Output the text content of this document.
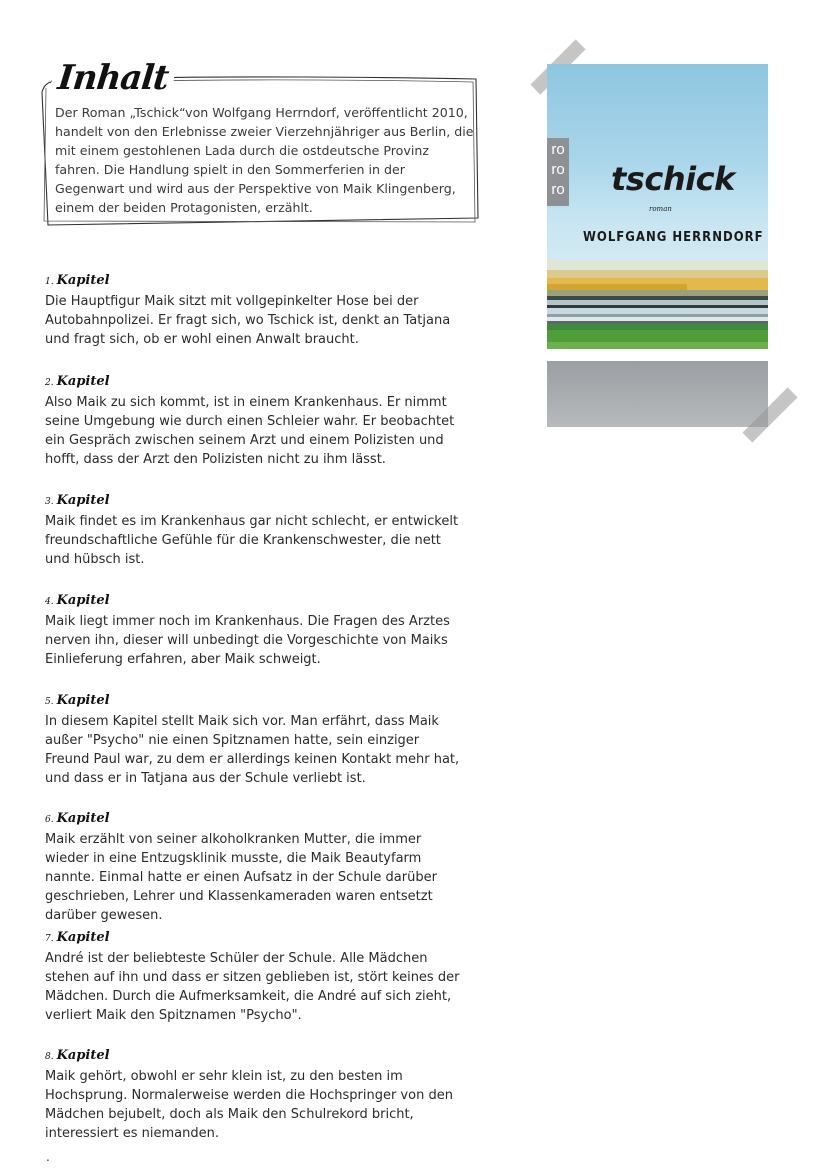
Inhalt
Der Roman „Tschick“von Wolfgang Herrndorf, veröffentlicht 2010, handelt von den Erlebnisse zweier Vierzehnjähriger aus Berlin, die mit einem gestohlenen Lada durch die ostdeutsche Provinz fahren. Die Handlung spielt in den Sommerferien in der Gegenwart und wird aus der Perspektive von Maik Klingenberg, einem der beiden Protagonisten, erzählt.
ro
ro
ro tschick
roman
WOLFGANG HERRNDORF
1. Kapitel
Die Hauptfigur Maik sitzt mit vollgepinkelter Hose bei der Autobahnpolizei. Er fragt sich, wo Tschick ist, denkt an Tatjana und fragt sich, ob er wohl einen Anwalt braucht.
2. Kapitel
Also Maik zu sich kommt, ist in einem Krankenhaus. Er nimmt seine Umgebung wie durch einen Schleier wahr. Er beobachtet ein Gespräch zwischen seinem Arzt und einem Polizisten und hofft, dass der Arzt den Polizisten nicht zu ihm lässt.
3. Kapitel
Maik findet es im Krankenhaus gar nicht schlecht, er entwickelt freundschaftliche Gefühle für die Krankenschwester, die nett und hübsch ist.
4. Kapitel
Maik liegt immer noch im Krankenhaus. Die Fragen des Arztes nerven ihn, dieser will unbedingt die Vorgeschichte von Maiks Einlieferung erfahren, aber Maik schweigt.
5. Kapitel
In diesem Kapitel stellt Maik sich vor. Man erfährt, dass Maik außer "Psycho" nie einen Spitznamen hatte, sein einziger Freund Paul war, zu dem er allerdings keinen Kontakt mehr hat, und dass er in Tatjana aus der Schule verliebt ist.
6. Kapitel
Maik erzählt von seiner alkoholkranken Mutter, die immer wieder in eine Entzugsklinik musste, die Maik Beautyfarm nannte. Einmal hatte er einen Aufsatz in der Schule darüber geschrieben, Lehrer und Klassenkameraden waren entsetzt darüber gewesen.
7. Kapitel
André ist der beliebteste Schüler der Schule. Alle Mädchen stehen auf ihn und dass er sitzen geblieben ist, stört keines der Mädchen. Durch die Aufmerksamkeit, die André auf sich zieht, verliert Maik den Spitznamen "Psycho".
8. Kapitel
Maik gehört, obwohl er sehr klein ist, zu den besten im Hochsprung. Normalerweise werden die Hochspringer von den Mädchen bejubelt, doch als Maik den Schulrekord bricht, interessiert es niemanden.
.
